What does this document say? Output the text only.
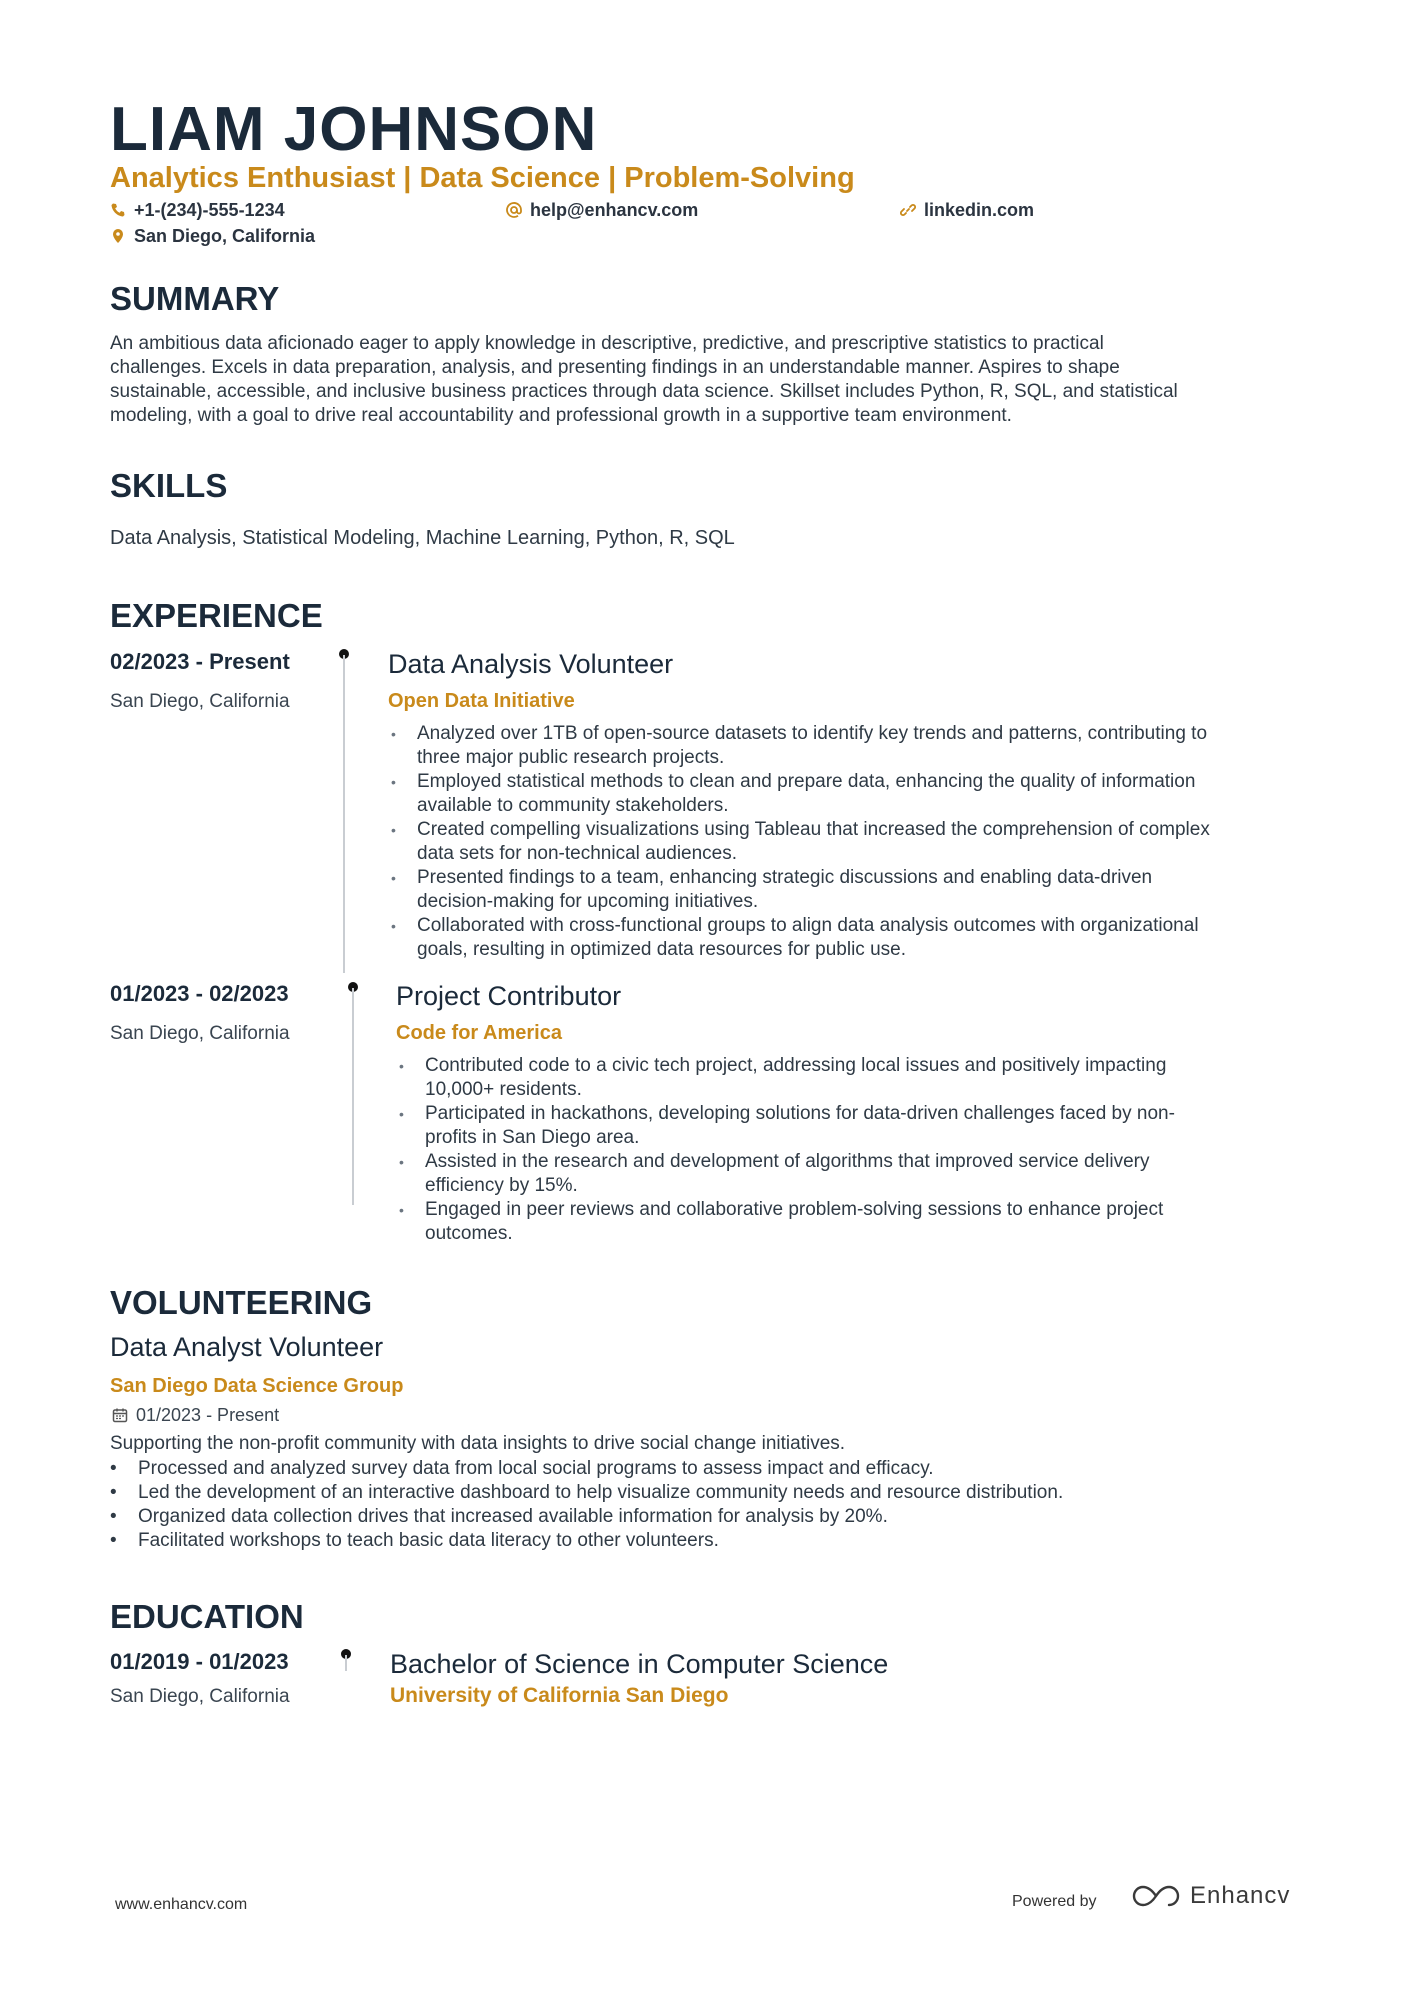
LIAM JOHNSON
Analytics Enthusiast | Data Science | Problem-Solving
+1-(234)-555-1234	help@enhancv.com	linkedin.com
San Diego, California
SUMMARY
An ambitious data aficionado eager to apply knowledge in descriptive, predictive, and prescriptive statistics to practical
challenges. Excels in data preparation, analysis, and presenting findings in an understandable manner. Aspires to shape
sustainable, accessible, and inclusive business practices through data science. Skillset includes Python, R, SQL, and statistical
modeling, with a goal to drive real accountability and professional growth in a supportive team environment.
SKILLS
Data Analysis, Statistical Modeling, Machine Learning, Python, R, SQL
EXPERIENCE
02/2023 - Present
San Diego, California
Data Analysis Volunteer
Open Data Initiative
• Analyzed over 1TB of open-source datasets to identify key trends and patterns, contributing to
three major public research projects.
• Employed statistical methods to clean and prepare data, enhancing the quality of information
available to community stakeholders.
• Created compelling visualizations using Tableau that increased the comprehension of complex
data sets for non-technical audiences.
• Presented findings to a team, enhancing strategic discussions and enabling data-driven
decision-making for upcoming initiatives.
• Collaborated with cross-functional groups to align data analysis outcomes with organizational
goals, resulting in optimized data resources for public use.
01/2023 - 02/2023
San Diego, California
Project Contributor
Code for America
• Contributed code to a civic tech project, addressing local issues and positively impacting
10,000+ residents.
• Participated in hackathons, developing solutions for data-driven challenges faced by non-
profits in San Diego area.
• Assisted in the research and development of algorithms that improved service delivery
efficiency by 15%.
• Engaged in peer reviews and collaborative problem-solving sessions to enhance project
outcomes.
VOLUNTEERING
Data Analyst Volunteer
San Diego Data Science Group
01/2023 - Present
Supporting the non-profit community with data insights to drive social change initiatives.
• Processed and analyzed survey data from local social programs to assess impact and efficacy.
• Led the development of an interactive dashboard to help visualize community needs and resource distribution.
• Organized data collection drives that increased available information for analysis by 20%.
• Facilitated workshops to teach basic data literacy to other volunteers.
EDUCATION
01/2019 - 01/2023
San Diego, California
Bachelor of Science in Computer Science
University of California San Diego
www.enhancv.com	Powered by	Enhancv
